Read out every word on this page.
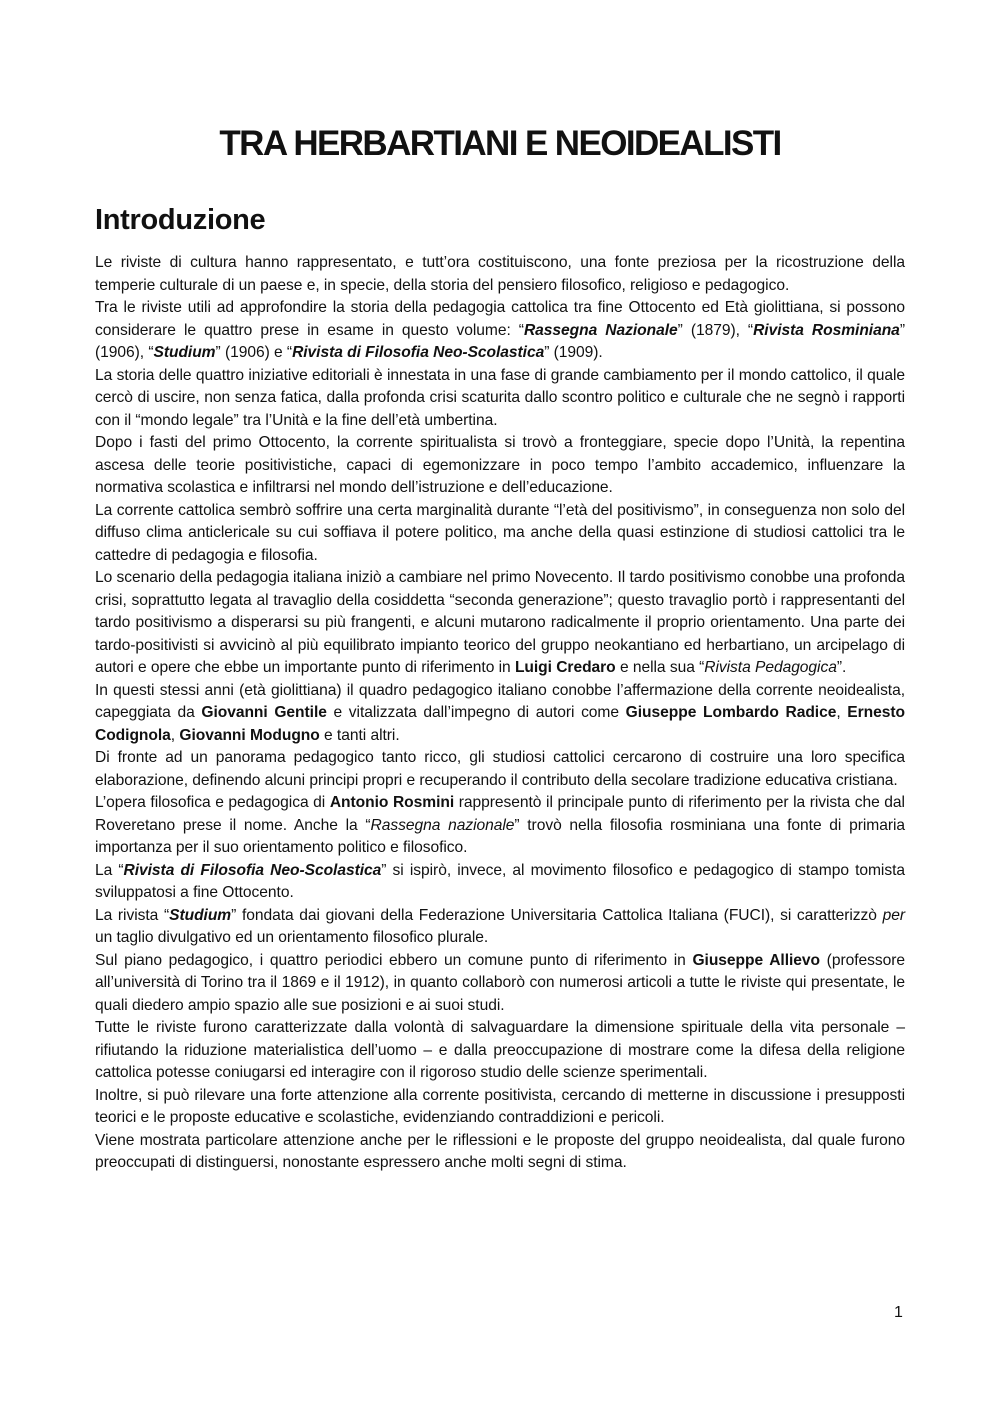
TRA HERBARTIANI E NEOIDEALISTI
Introduzione

Le riviste di cultura hanno rappresentato, e tutt’ora costituiscono, una fonte preziosa per la ricostruzione della temperie culturale di un paese e, in specie, della storia del pensiero filosofico, religioso e pedagogico.

Tra le riviste utili ad approfondire la storia della pedagogia cattolica tra fine Ottocento ed Età giolittiana, si possono considerare le quattro prese in esame in questo volume: “Rassegna Nazionale” (1879), “Rivista Rosminiana” (1906), “Studium” (1906) e “Rivista di Filosofia Neo-Scolastica” (1909).

La storia delle quattro iniziative editoriali è innestata in una fase di grande cambiamento per il mondo cattolico, il quale cercò di uscire, non senza fatica, dalla profonda crisi scaturita dallo scontro politico e culturale che ne segnò i rapporti con il “mondo legale” tra l’Unità e la fine dell’età umbertina.

Dopo i fasti del primo Ottocento, la corrente spiritualista si trovò a fronteggiare, specie dopo l’Unità, la repentina ascesa delle teorie positivistiche, capaci di egemonizzare in poco tempo l’ambito accademico, influenzare la normativa scolastica e infiltrarsi nel mondo dell’istruzione e dell’educazione.

La corrente cattolica sembrò soffrire una certa marginalità durante “l’età del positivismo”, in conseguenza non solo del diffuso clima anticlericale su cui soffiava il potere politico, ma anche della quasi estinzione di studiosi cattolici tra le cattedre di pedagogia e filosofia.

Lo scenario della pedagogia italiana iniziò a cambiare nel primo Novecento. Il tardo positivismo conobbe una profonda crisi, soprattutto legata al travaglio della cosiddetta “seconda generazione”; questo travaglio portò i rappresentanti del tardo positivismo a disperarsi su più frangenti, e alcuni mutarono radicalmente il proprio orientamento. Una parte dei tardo-positivisti si avvicinò al più equilibrato impianto teorico del gruppo neokantiano ed herbartiano, un arcipelago di autori e opere che ebbe un importante punto di riferimento in Luigi Credaro e nella sua “Rivista Pedagogica”.

In questi stessi anni (età giolittiana) il quadro pedagogico italiano conobbe l’affermazione della corrente neoidealista, capeggiata da Giovanni Gentile e vitalizzata dall’impegno di autori come Giuseppe Lombardo Radice, Ernesto Codignola, Giovanni Modugno e tanti altri.

Di fronte ad un panorama pedagogico tanto ricco, gli studiosi cattolici cercarono di costruire una loro specifica elaborazione, definendo alcuni principi propri e recuperando il contributo della secolare tradizione educativa cristiana.

L’opera filosofica e pedagogica di Antonio Rosmini rappresentò il principale punto di riferimento per la rivista che dal Roveretano prese il nome. Anche la “Rassegna nazionale” trovò nella filosofia rosminiana una fonte di primaria importanza per il suo orientamento politico e filosofico.

La “Rivista di Filosofia Neo-Scolastica” si ispirò, invece, al movimento filosofico e pedagogico di stampo tomista sviluppatosi a fine Ottocento.

La rivista “Studium” fondata dai giovani della Federazione Universitaria Cattolica Italiana (FUCI), si caratterizzò per un taglio divulgativo ed un orientamento filosofico plurale.

Sul piano pedagogico, i quattro periodici ebbero un comune punto di riferimento in Giuseppe Allievo (professore all’università di Torino tra il 1869 e il 1912), in quanto collaborò con numerosi articoli a tutte le riviste qui presentate, le quali diedero ampio spazio alle sue posizioni e ai suoi studi.

Tutte le riviste furono caratterizzate dalla volontà di salvaguardare la dimensione spirituale della vita personale – rifiutando la riduzione materialistica dell’uomo – e dalla preoccupazione di mostrare come la difesa della religione cattolica potesse coniugarsi ed interagire con il rigoroso studio delle scienze sperimentali.

Inoltre, si può rilevare una forte attenzione alla corrente positivista, cercando di metterne in discussione i presupposti teorici e le proposte educative e scolastiche, evidenziando contraddizioni e pericoli.

Viene mostrata particolare attenzione anche per le riflessioni e le proposte del gruppo neoidealista, dal quale furono preoccupati di distinguersi, nonostante espressero anche molti segni di stima.

1
